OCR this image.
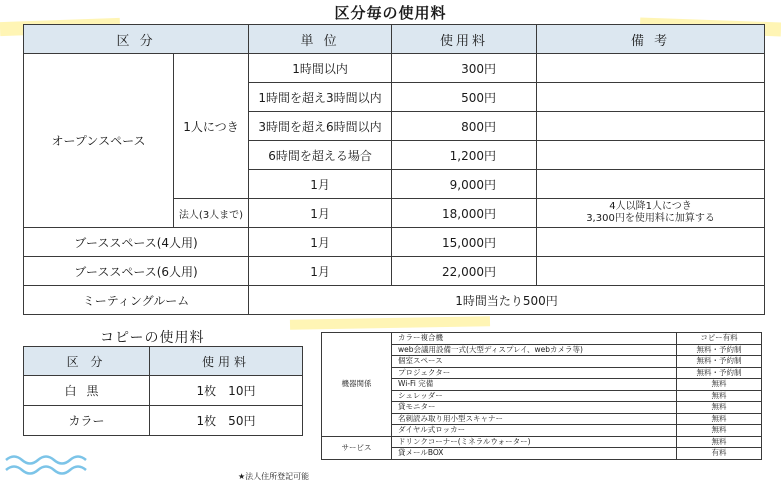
区分毎の使用料
区 分		単 位	使用料	備 考
オープンスペース	1人につき	1時間以内	300円	
		1時間を超え3時間以内	500円	
		3時間を超え6時間以内	800円	
		6時間を超える場合	1,200円	
		1月	9,000円	
	法人(3人まで)	1月	18,000円	4人以降1人につき
3,300円を使用料に加算する

ブーススペース(4人用)		1月	15,000円	
ブーススペース(6人用)		1月	22,000円	
ミーティングルーム		1時間当たり500円		
コピーの使用料
区 分	使用料
白黒	1枚　10円
カラー	1枚　50円
機器関係	カラー複合機	コピー有料
	web会議用設備一式(大型ディスプレイ、webカメラ等)	無料・予約制
	個室スペース	無料・予約制
	プロジェクター	無料・予約制
	Wi-Fi 完備	無料
	シュレッダー	無料
	貸モニター	無料
	名刺読み取り用小型スキャナー	無料
	ダイヤル式ロッカー	無料
サービス	ドリンクコーナー(ミネラルウォーター)	無料
	貸メールBOX	有料
★法人住所登記可能
